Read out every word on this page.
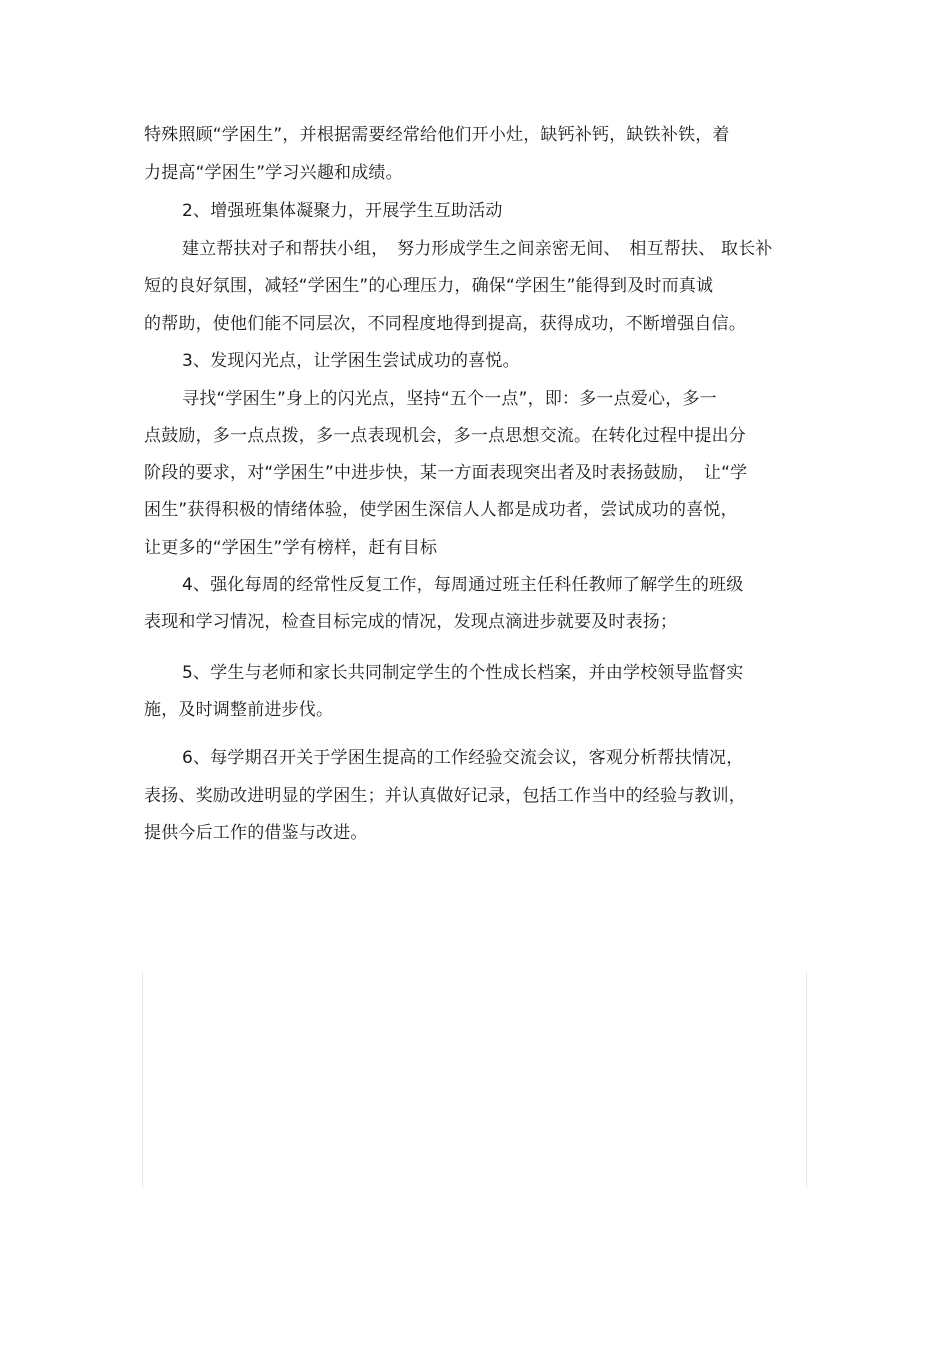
特殊照顾“学困生”，并根据需要经常给他们开小灶，缺钙补钙，缺铁补铁，着
力提高“学困生”学习兴趣和成绩。
2、增强班集体凝聚力，开展学生互助活动
建立帮扶对子和帮扶小组，　努力形成学生之间亲密无间、　相互帮扶、 取长补
短的良好氛围，减轻“学困生”的心理压力，确保“学困生”能得到及时而真诚
的帮助，使他们能不同层次，不同程度地得到提高，获得成功，不断增强自信。
3、发现闪光点，让学困生尝试成功的喜悦。
寻找“学困生”身上的闪光点，坚持“五个一点”，即：多一点爱心，多一
点鼓励，多一点点拨，多一点表现机会，多一点思想交流。在转化过程中提出分
阶段的要求，对“学困生”中进步快，某一方面表现突出者及时表扬鼓励，　让“学
困生”获得积极的情绪体验，使学困生深信人人都是成功者，尝试成功的喜悦，
让更多的“学困生”学有榜样，赶有目标
4、强化每周的经常性反复工作，每周通过班主任科任教师了解学生的班级
表现和学习情况，检查目标完成的情况，发现点滴进步就要及时表扬；
5、学生与老师和家长共同制定学生的个性成长档案，并由学校领导监督实
施，及时调整前进步伐。
6、每学期召开关于学困生提高的工作经验交流会议，客观分析帮扶情况，
表扬、奖励改进明显的学困生；并认真做好记录，包括工作当中的经验与教训，
提供今后工作的借鉴与改进。
